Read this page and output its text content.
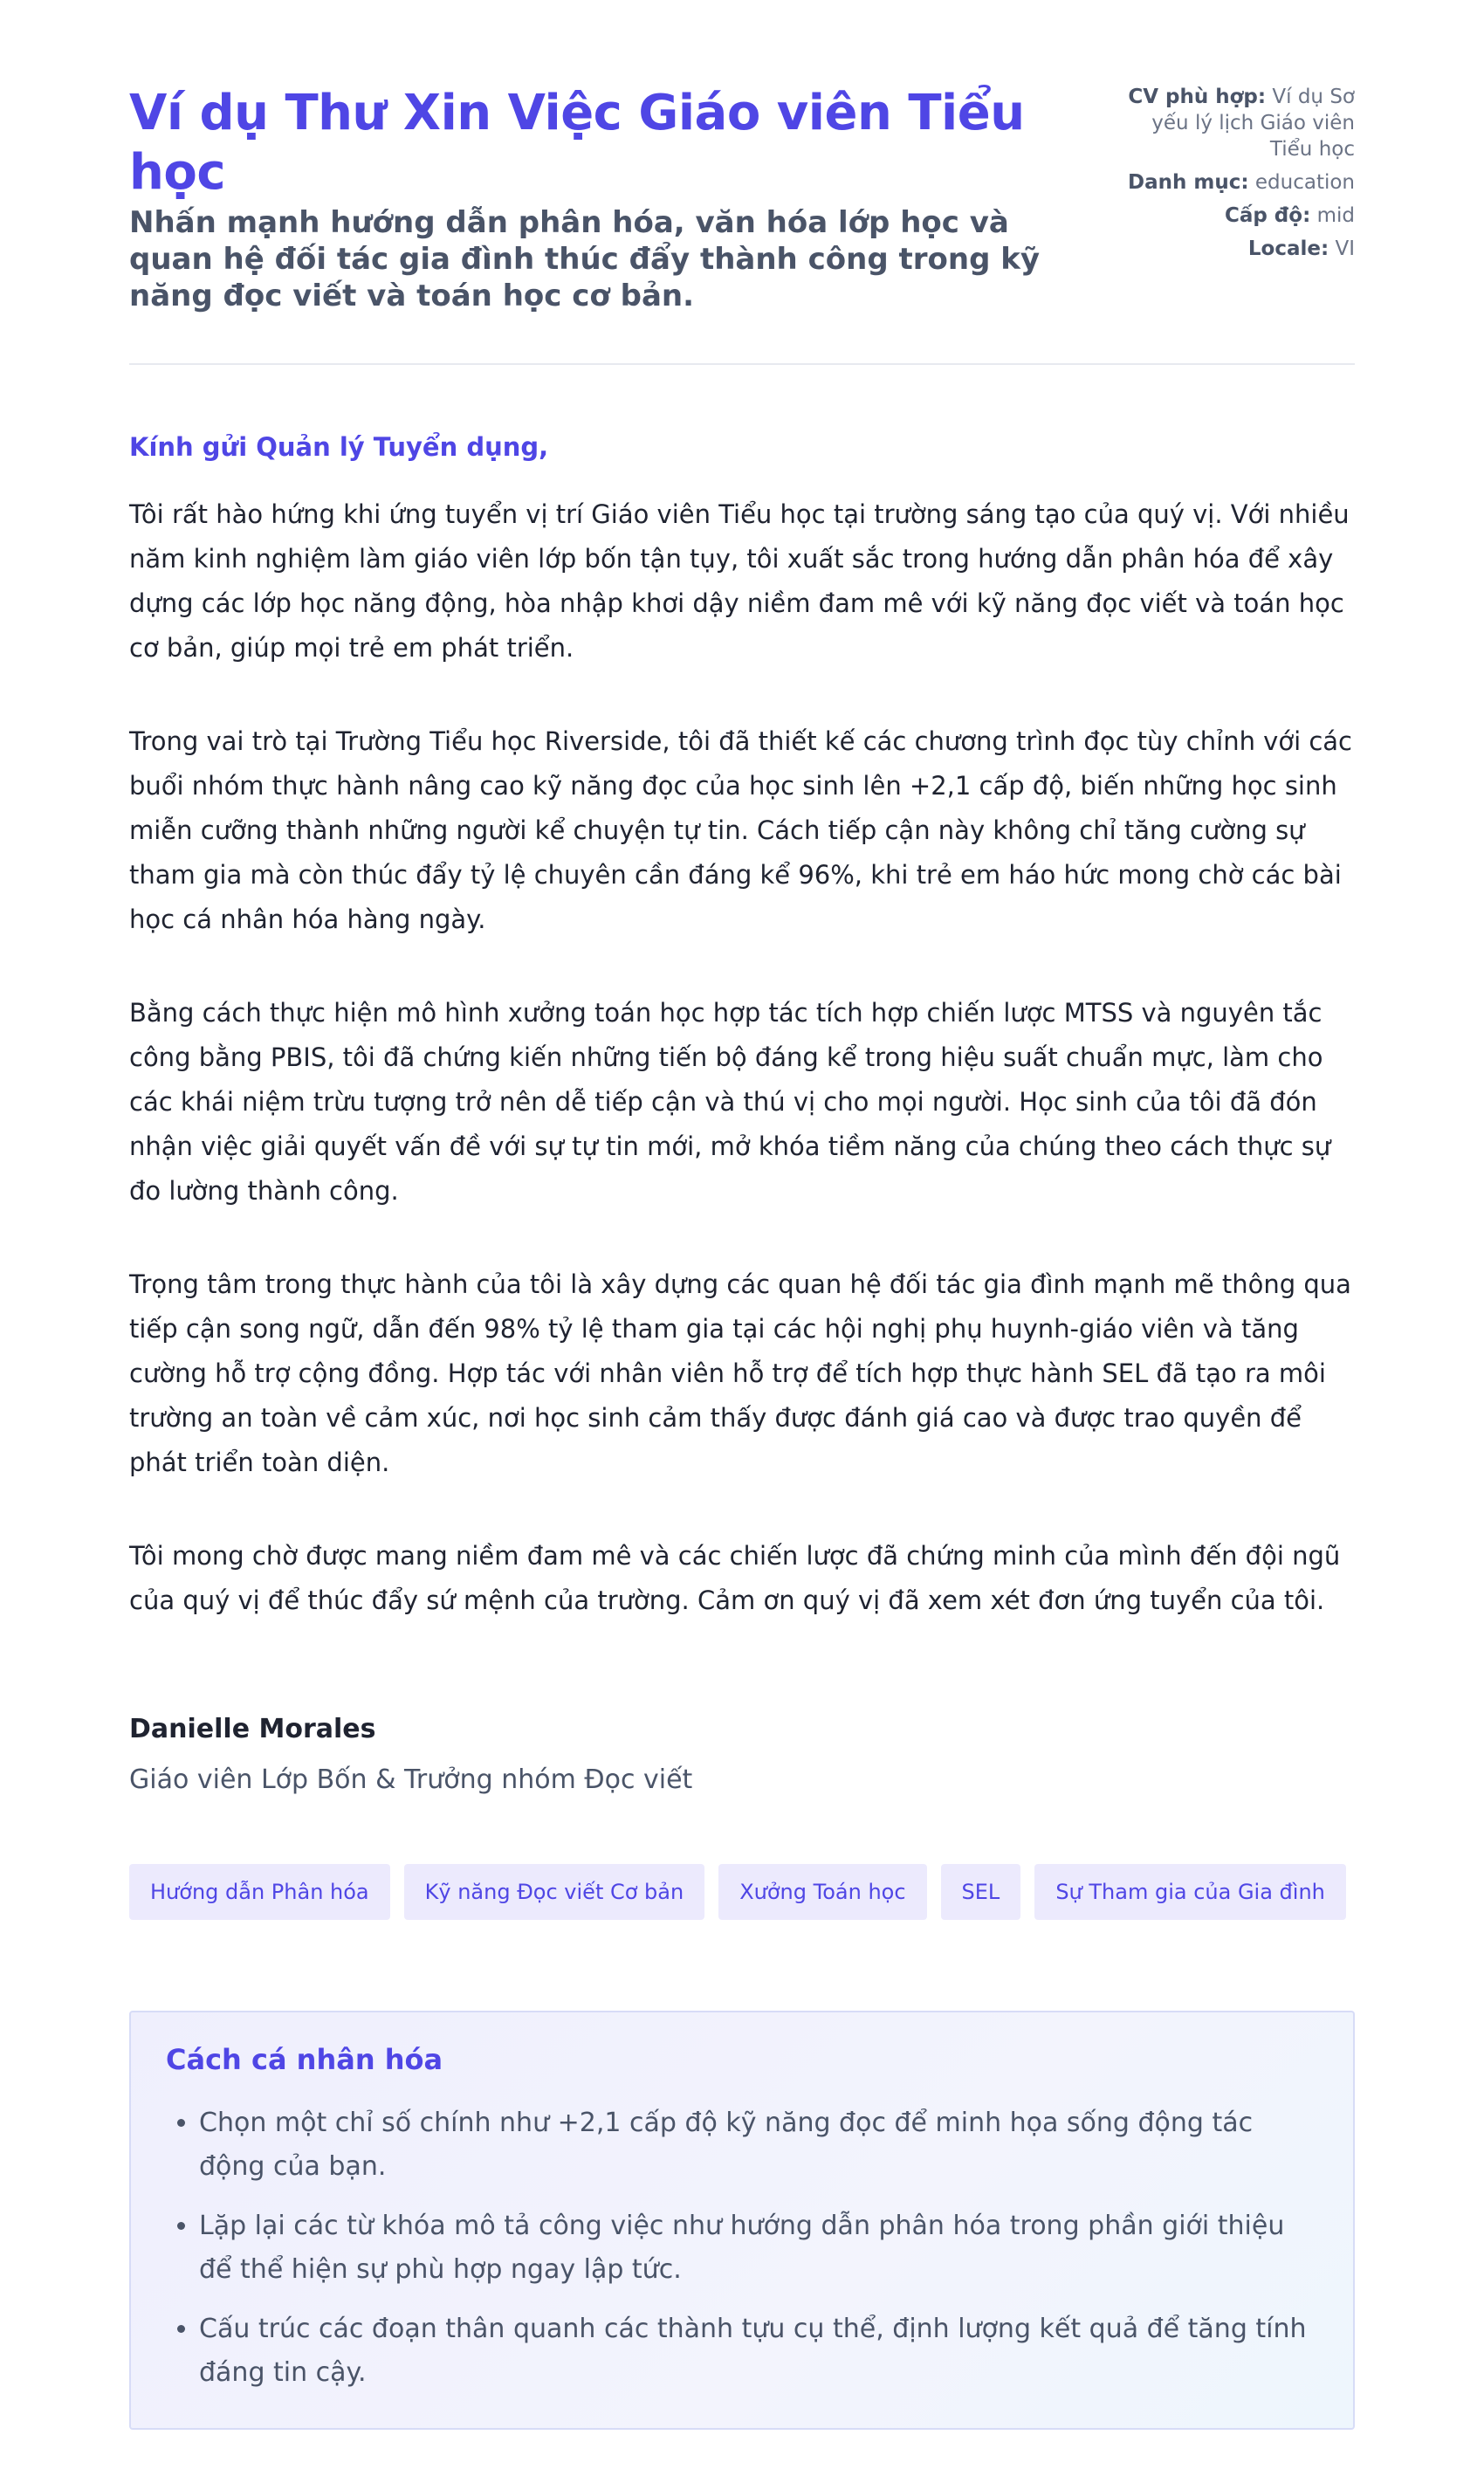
Ví dụ Thư Xin Việc Giáo viên Tiểu học

Nhấn mạnh hướng dẫn phân hóa, văn hóa lớp học và quan hệ đối tác gia đình thúc đẩy thành công trong kỹ năng đọc viết và toán học cơ bản.

CV phù hợp: Ví dụ Sơ yếu lý lịch Giáo viên Tiểu học
Danh mục: education
Cấp độ: mid
Locale: VI

Kính gửi Quản lý Tuyển dụng,

Tôi rất hào hứng khi ứng tuyển vị trí Giáo viên Tiểu học tại trường sáng tạo của quý vị. Với nhiều năm kinh nghiệm làm giáo viên lớp bốn tận tụy, tôi xuất sắc trong hướng dẫn phân hóa để xây dựng các lớp học năng động, hòa nhập khơi dậy niềm đam mê với kỹ năng đọc viết và toán học cơ bản, giúp mọi trẻ em phát triển.

Trong vai trò tại Trường Tiểu học Riverside, tôi đã thiết kế các chương trình đọc tùy chỉnh với các buổi nhóm thực hành nâng cao kỹ năng đọc của học sinh lên +2,1 cấp độ, biến những học sinh miễn cưỡng thành những người kể chuyện tự tin. Cách tiếp cận này không chỉ tăng cường sự tham gia mà còn thúc đẩy tỷ lệ chuyên cần đáng kể 96%, khi trẻ em háo hức mong chờ các bài học cá nhân hóa hàng ngày.

Bằng cách thực hiện mô hình xưởng toán học hợp tác tích hợp chiến lược MTSS và nguyên tắc công bằng PBIS, tôi đã chứng kiến những tiến bộ đáng kể trong hiệu suất chuẩn mực, làm cho các khái niệm trừu tượng trở nên dễ tiếp cận và thú vị cho mọi người. Học sinh của tôi đã đón nhận việc giải quyết vấn đề với sự tự tin mới, mở khóa tiềm năng của chúng theo cách thực sự đo lường thành công.

Trọng tâm trong thực hành của tôi là xây dựng các quan hệ đối tác gia đình mạnh mẽ thông qua tiếp cận song ngữ, dẫn đến 98% tỷ lệ tham gia tại các hội nghị phụ huynh-giáo viên và tăng cường hỗ trợ cộng đồng. Hợp tác với nhân viên hỗ trợ để tích hợp thực hành SEL đã tạo ra môi trường an toàn về cảm xúc, nơi học sinh cảm thấy được đánh giá cao và được trao quyền để phát triển toàn diện.

Tôi mong chờ được mang niềm đam mê và các chiến lược đã chứng minh của mình đến đội ngũ của quý vị để thúc đẩy sứ mệnh của trường. Cảm ơn quý vị đã xem xét đơn ứng tuyển của tôi.

Danielle Morales

Giáo viên Lớp Bốn & Trưởng nhóm Đọc viết

Hướng dẫn Phân hóa	Kỹ năng Đọc viết Cơ bản	Xưởng Toán học	SEL	Sự Tham gia của Gia đình
Cách cá nhân hóa
• Chọn một chỉ số chính như +2,1 cấp độ kỹ năng đọc để minh họa sống động tác động của bạn.
• Lặp lại các từ khóa mô tả công việc như hướng dẫn phân hóa trong phần giới thiệu để thể hiện sự phù hợp ngay lập tức.
• Cấu trúc các đoạn thân quanh các thành tựu cụ thể, định lượng kết quả để tăng tính đáng tin cậy.
